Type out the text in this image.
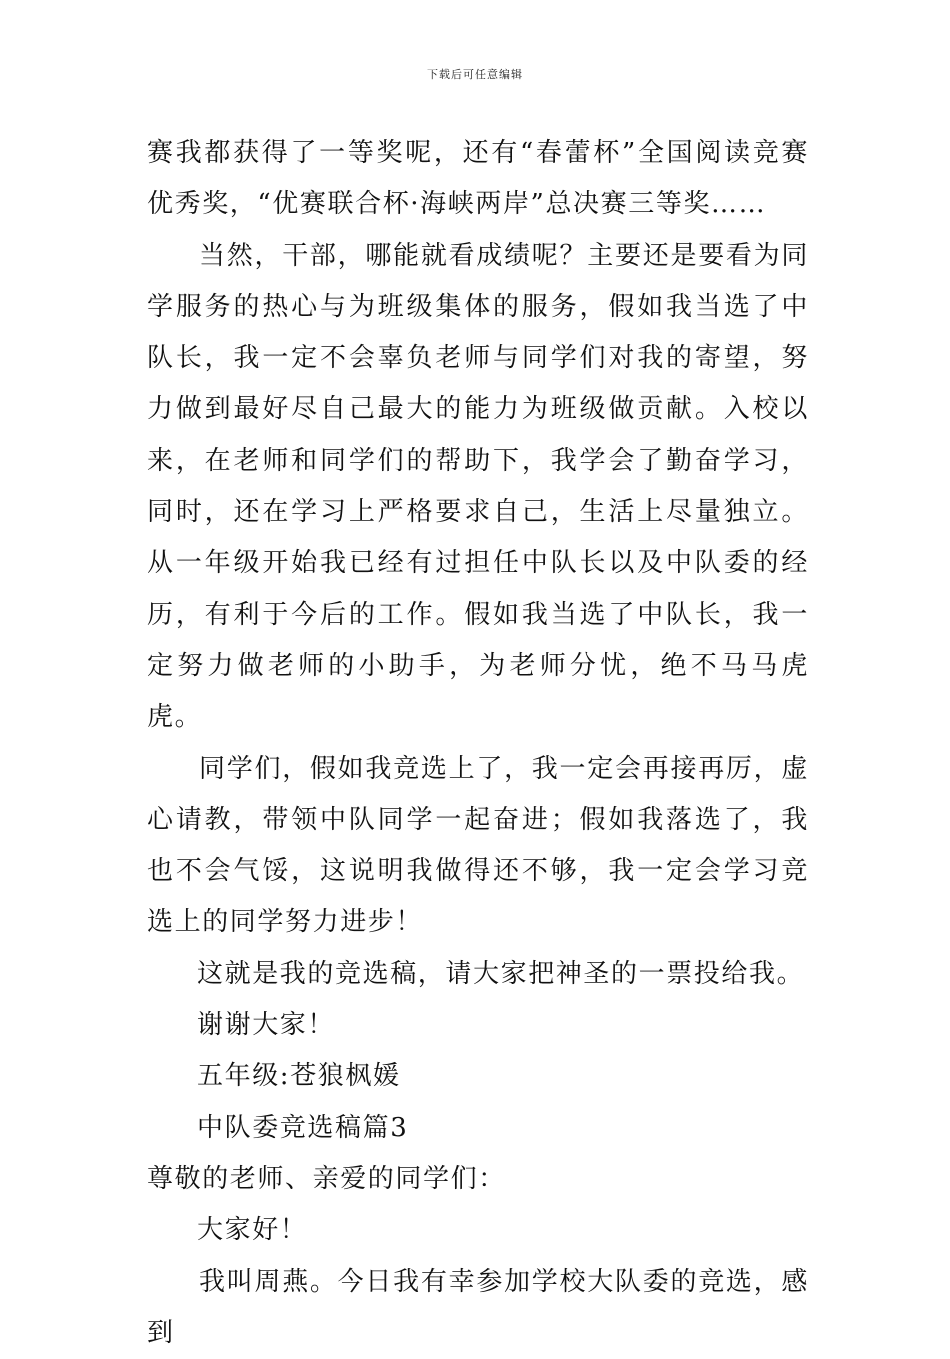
下载后可任意编辑

赛我都获得了一等奖呢，还有“春蕾杯”全国阅读竞赛优秀奖，“优赛联合杯·海峡两岸”总决赛三等奖……

当然，干部，哪能就看成绩呢？主要还是要看为同学服务的热心与为班级集体的服务，假如我当选了中队长，我一定不会辜负老师与同学们对我的寄望，努力做到最好尽自己最大的能力为班级做贡献。入校以来，在老师和同学们的帮助下，我学会了勤奋学习，同时，还在学习上严格要求自己，生活上尽量独立。从一年级开始我已经有过担任中队长以及中队委的经历，有利于今后的工作。假如我当选了中队长，我一定努力做老师的小助手，为老师分忧，绝不马马虎虎。

同学们，假如我竞选上了，我一定会再接再厉，虚心请教，带领中队同学一起奋进；假如我落选了，我也不会气馁，这说明我做得还不够，我一定会学习竞选上的同学努力进步！

这就是我的竞选稿，请大家把神圣的一票投给我。

谢谢大家！

五年级:苍狼枫媛

中队委竞选稿篇3

尊敬的老师、亲爱的同学们：

大家好！

我叫周燕。今日我有幸参加学校大队委的竞选，感到
